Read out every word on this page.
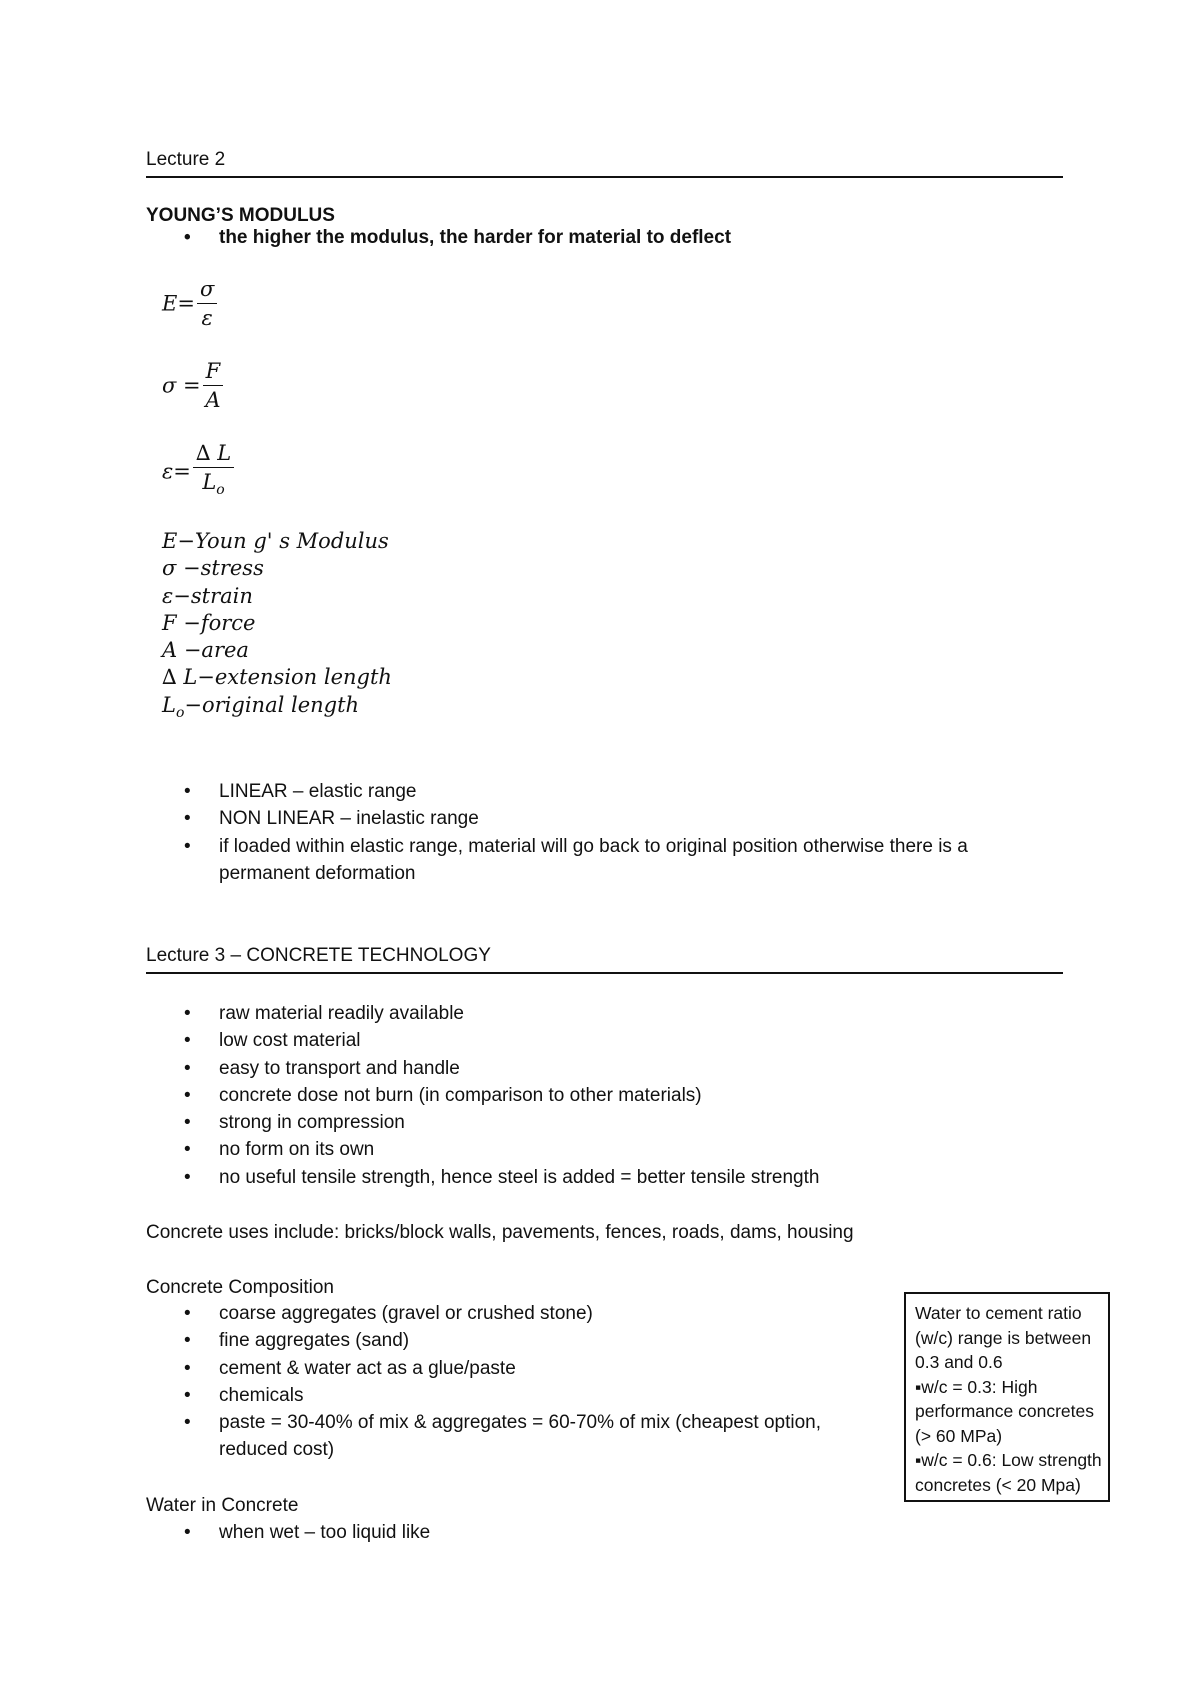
Lecture 2
YOUNG’S MODULUS
• the higher the modulus, the harder for material to deflect
$E= \frac{\sigma}{\varepsilon}$
$\sigma = \frac{F}{A}$
$\varepsilon= \frac{\Delta L}{L_o}$
E−Youn g' s Modulus
σ −stress
ε−strain
F −force
A −area
∆ L−extension length
$L_o-original$ length
• LINEAR – elastic range
• NON LINEAR – inelastic range
• if loaded within elastic range, material will go back to original position otherwise there is a permanent deformation
Lecture 3 – CONCRETE TECHNOLOGY
• raw material readily available
• low cost material
• easy to transport and handle
• concrete dose not burn (in comparison to other materials)
• strong in compression
• no form on its own
• no useful tensile strength, hence steel is added = better tensile strength
Concrete uses include: bricks/block walls, pavements, fences, roads, dams, housing
Concrete Composition
• coarse aggregates (gravel or crushed stone)
• fine aggregates (sand)
• cement & water act as a glue/paste
• chemicals
• paste = 30-40% of mix & aggregates = 60-70% of mix (cheapest option, reduced cost)
Water in Concrete
• when wet – too liquid like
Water to cement ratio
(w/c) range is between
0.3 and 0.6
▪w/c = 0.3: High
performance concretes
(> 60 MPa)
▪w/c = 0.6: Low strength
concretes (< 20 Mpa)
